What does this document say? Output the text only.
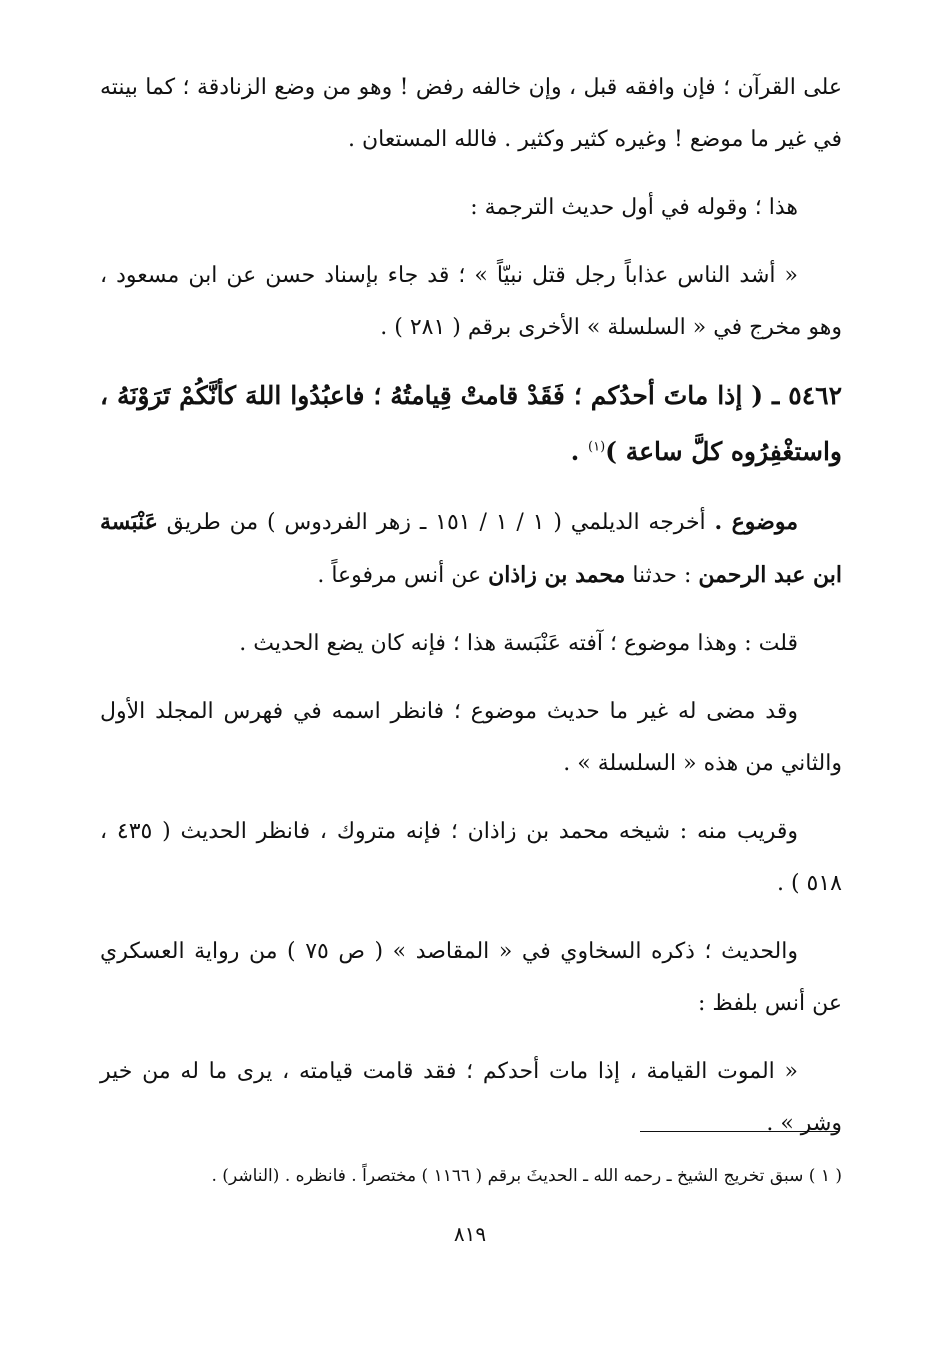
على القرآن ؛ فإن وافقه قبل ، وإن خالفه رفض ! وهو من وضع الزنادقة ؛ كما بينته في غير ما موضع ! وغيره كثير وكثير . فالله المستعان .

هذا ؛ وقوله في أول حديث الترجمة :

« أشد الناس عذاباً رجل قتل نبيّاً » ؛ قد جاء بإسناد حسن عن ابن مسعود ، وهو مخرج في « السلسلة » الأخرى برقم ( ٢٨١ ) .

٥٤٦٢ ـ ( إذا ماتَ أحدُكم ؛ فَقَدْ قامتْ قِيامتُهُ ؛ فاعبُدُوا اللهَ كأنَّكُمْ تَرَوْنَهُ ، واستغْفِرُوه كلَّ ساعة )$^{(١)}$ .

موضوع . أخرجه الديلمي ( ١ / ١ / ١٥١ ـ زهر الفردوس ) من طريق عَنْبَسة ابن عبد الرحمن : حدثنا محمد بن زاذان عن أنس مرفوعاً .

قلت : وهذا موضوع ؛ آفته عَنْبَسة هذا ؛ فإنه كان يضع الحديث .

وقد مضى له غير ما حديث موضوع ؛ فانظر اسمه في فهرس المجلد الأول والثاني من هذه « السلسلة » .

وقريب منه : شيخه محمد بن زاذان ؛ فإنه متروك ، فانظر الحديث ( ٤٣٥ ، ٥١٨ ) .

والحديث ؛ ذكره السخاوي في « المقاصد » ( ص ٧٥ ) من رواية العسكري عن أنس بلفظ :

« الموت القيامة ، إذا مات أحدكم ؛ فقد قامت قيامته ، يرى ما له من خير وشر » .

( ١ ) سبق تخريج الشيخ ـ رحمه الله ـ الحديثَ برقم ( ١١٦٦ ) مختصراً . فانظره . (الناشر) .

٨١٩
